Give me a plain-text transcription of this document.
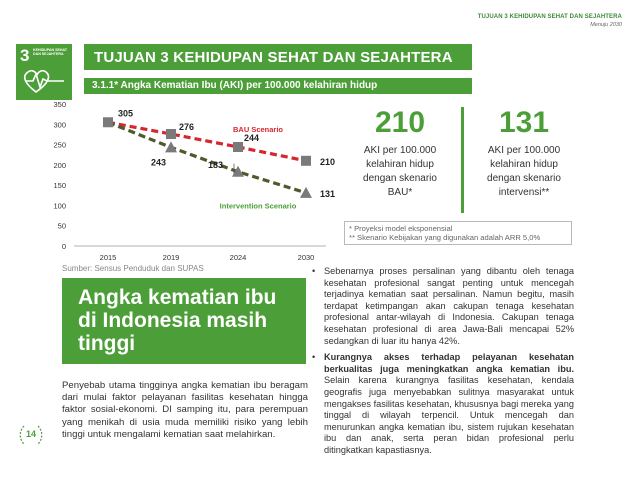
TUJUAN 3 KEHIDUPAN SEHAT DAN SEJAHTERA
Menuju 2030
3 KEHIDUPAN SEHAT DAN SEJAHTERA	TUJUAN 3 KEHIDUPAN SEHAT DAN SEJAHTERA
3.1.1* Angka Kematian Ibu (AKI) per 100.000 kelahiran hidup
0
50
100
150
200
250
300
350
2015	2019	2024	2030
305
276
244
210
243	183
131
BAU Scenario
Intervention Scenario
Sumber: Sensus Penduduk dan SUPAS
210
AKI per 100.000
kelahiran hidup
dengan skenario
BAU*
131
AKI per 100.000
kelahiran hidup
dengan skenario
intervensi**
* Proyeksi model eksponensial
** Skenario Kebijakan yang digunakan adalah ARR 5,0%
Angka kematian ibu di Indonesia masih tinggi
Penyebab utama tingginya angka kematian ibu beragam dari mulai faktor pelayanan fasilitas kesehatan hingga faktor sosial-ekonomi. DI samping itu, para perempuan yang menikah di usia muda memiliki risiko yang lebih tinggi untuk mengalami kematian saat melahirkan.
• Sebenarnya proses persalinan yang dibantu oleh tenaga kesehatan profesional sangat penting untuk mencegah terjadinya kematian saat persalinan. Namun begitu, masih terdapat ketimpangan akan cakupan tenaga kesehatan profesional antar-wilayah di Indonesia. Cakupan tenaga kesehatan profesional di area Jawa-Bali mencapai 52% sedangkan di luar itu hanya 42%.
• Kurangnya akses terhadap pelayanan kesehatan berkualitas juga meningkatkan angka kematian ibu. Selain karena kurangnya fasilitas kesehatan, kendala geografis juga menyebabkan sulitnya masyarakat untuk mengakses fasilitas kesehatan, khususnya bagi mereka yang tinggal di wilayah terpencil. Untuk mencegah dan menurunkan angka kematian ibu, sistem rujukan kesehatan ibu dan anak, serta peran bidan profesional perlu ditingkatkan kapastiasnya.
14
